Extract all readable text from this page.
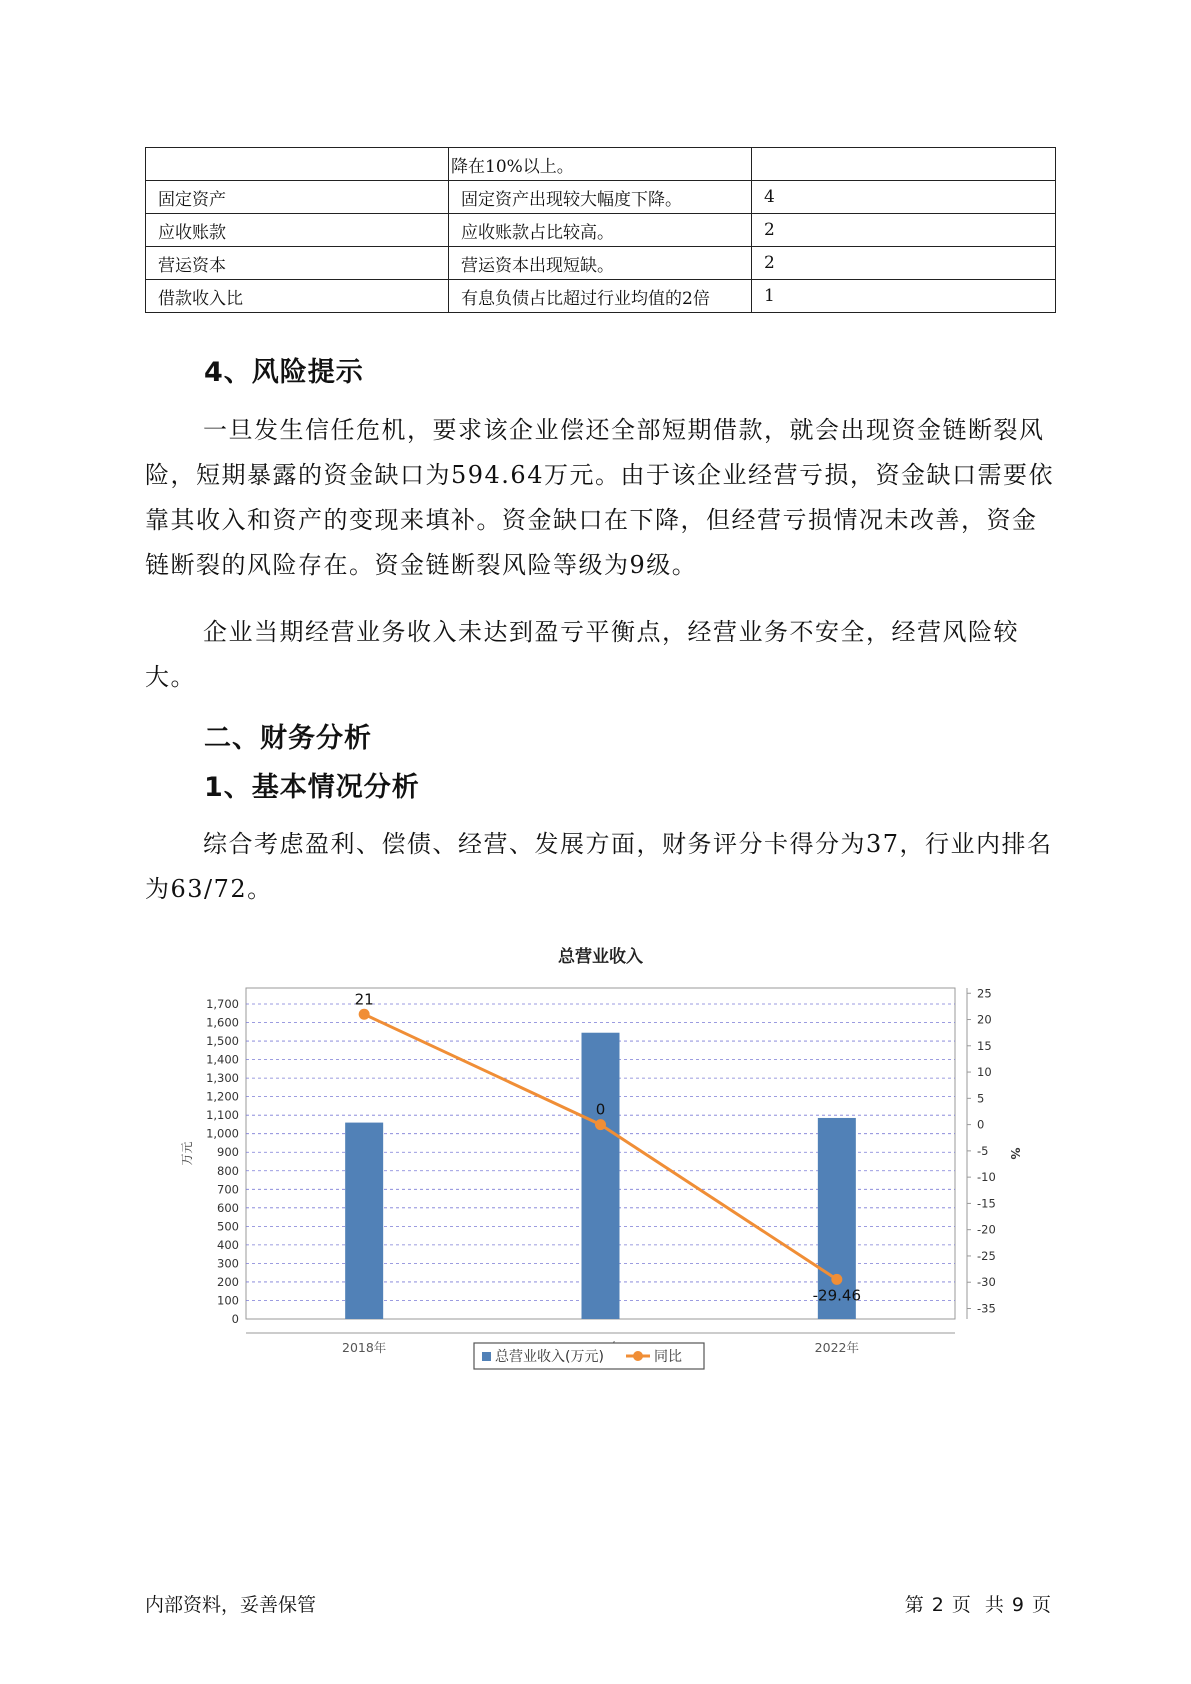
	降在10%以上。	
固定资产	固定资产出现较大幅度下降。	4
应收账款	应收账款占比较高。	2
营运资本	营运资本出现短缺。	2
借款收入比	有息负债占比超过行业均值的2倍	1
4、风险提示

一旦发生信任危机，要求该企业偿还全部短期借款，就会出现资金链断裂风险，短期暴露的资金缺口为594.64万元。由于该企业经营亏损，资金缺口需要依靠其收入和资产的变现来填补。资金缺口在下降，但经营亏损情况未改善，资金链断裂的风险存在。资金链断裂风险等级为9级。

企业当期经营业务收入未达到盈亏平衡点，经营业务不安全，经营风险较大。

二、财务分析
1、基本情况分析

综合考虑盈利、偿债、经营、发展方面，财务评分卡得分为37，行业内排名为63/72。

总营业收入
0
100
200
300
400
500
600
700
800
900
1,000
1,100
1,200
1,300
1,400
1,500
1,600
1,700
25
20
15
10
5
0
-5
-10
-15
-20
-25
-30
-35
万元	%
2018年	2022年
21
0
-29.46
总营业收入(万元)	同比
内部资料，妥善保管	第 2 页 共 9 页
